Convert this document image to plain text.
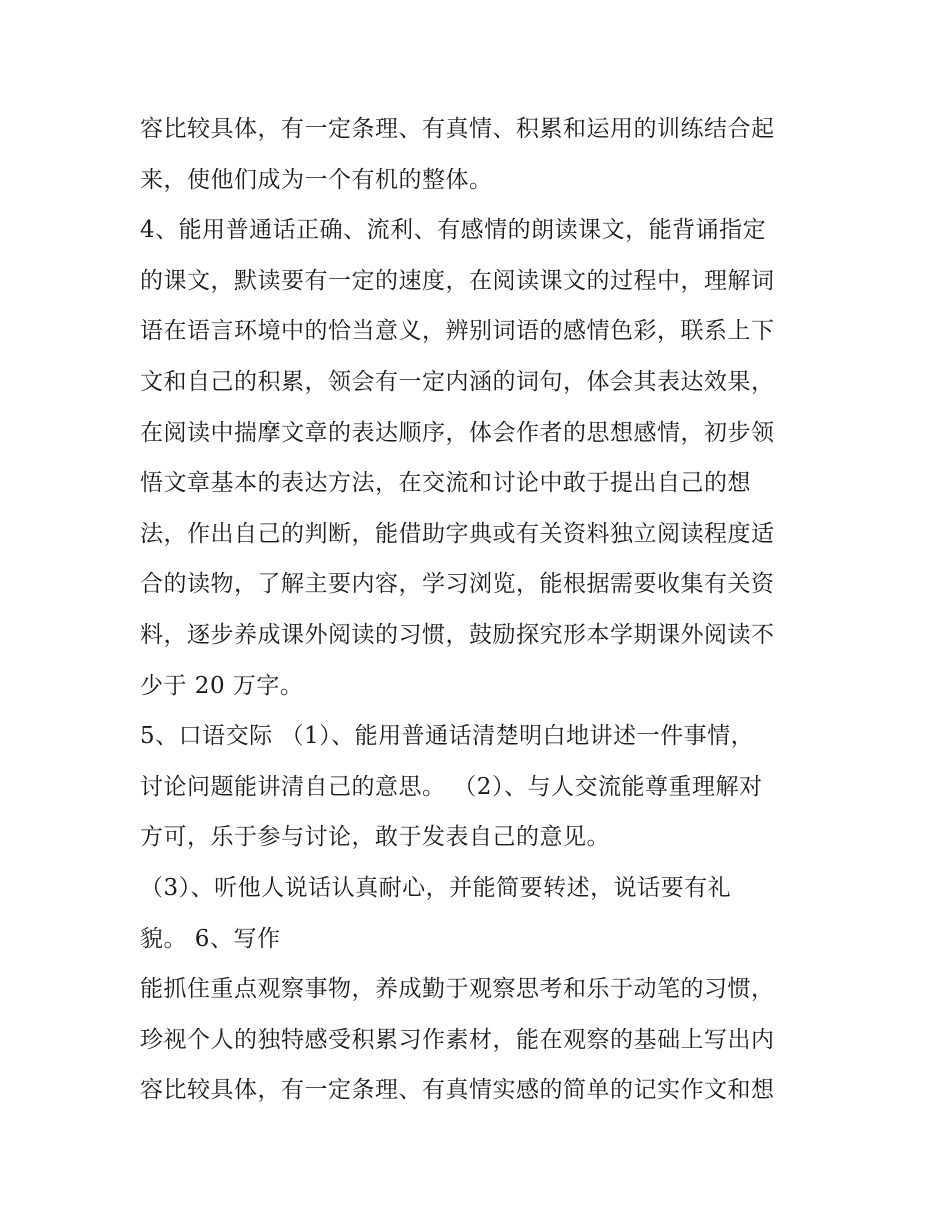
容比较具体，有一定条理、有真情、积累和运用的训练结合起
来，使他们成为一个有机的整体。
4、能用普通话正确、流利、有感情的朗读课文，能背诵指定
的课文，默读要有一定的速度，在阅读课文的过程中，理解词
语在语言环境中的恰当意义，辨别词语的感情色彩，联系上下
文和自己的积累，领会有一定内涵的词句，体会其表达效果，
在阅读中揣摩文章的表达顺序，体会作者的思想感情，初步领
悟文章基本的表达方法，在交流和讨论中敢于提出自己的想
法，作出自己的判断，能借助字典或有关资料独立阅读程度适
合的读物，了解主要内容，学习浏览，能根据需要收集有关资
料，逐步养成课外阅读的习惯，鼓励探究形本学期课外阅读不
少于 20 万字。
5、口语交际 （1）、能用普通话清楚明白地讲述一件事情，
讨论问题能讲清自己的意思。 （2）、与人交流能尊重理解对
方可，乐于参与讨论，敢于发表自己的意见。
（3）、听他人说话认真耐心，并能简要转述，说话要有礼
貌。 6、写作
能抓住重点观察事物，养成勤于观察思考和乐于动笔的习惯，
珍视个人的独特感受积累习作素材，能在观察的基础上写出内
容比较具体，有一定条理、有真情实感的简单的记实作文和想
